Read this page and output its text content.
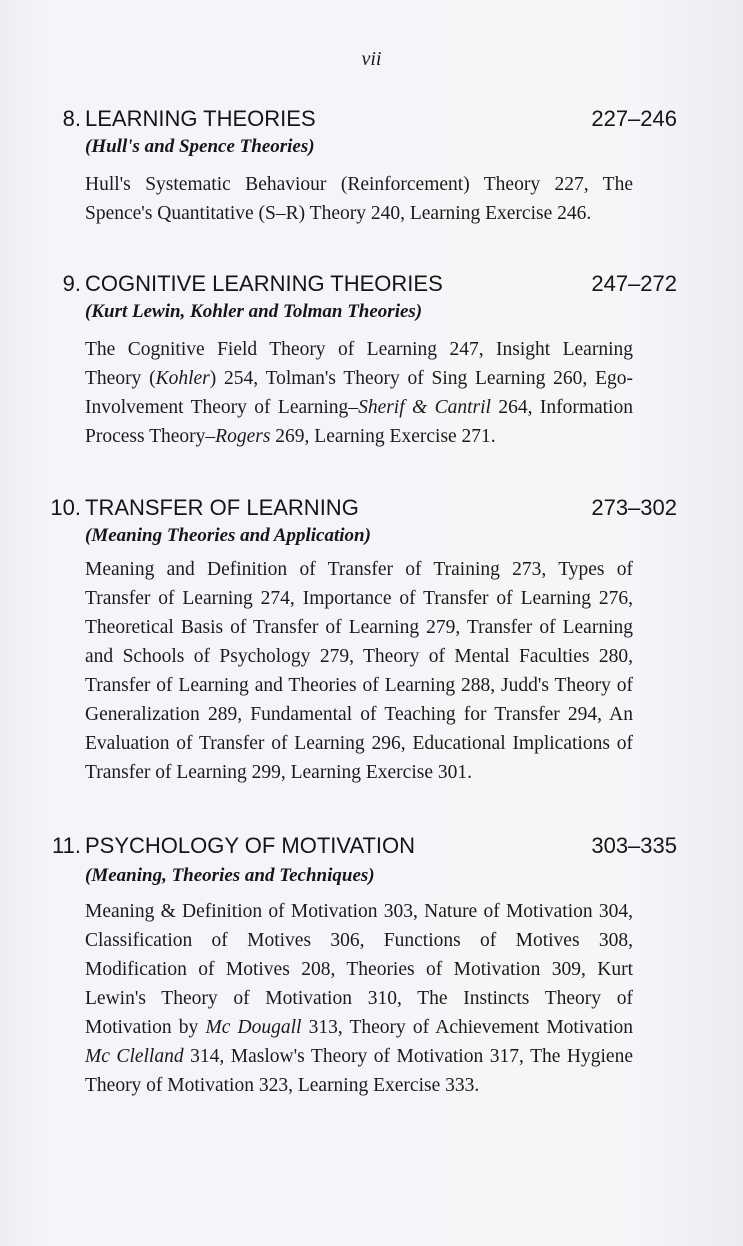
vii
8. LEARNING THEORIES	227–246
(Hull's and Spence Theories)

Hull's Systematic Behaviour (Reinforcement) Theory 227, The Spence's Quantitative (S–R) Theory 240, Learning Exercise 246.

9. COGNITIVE LEARNING THEORIES	247–272
(Kurt Lewin, Kohler and Tolman Theories)

The Cognitive Field Theory of Learning 247, Insight Learning Theory (Kohler) 254, Tolman's Theory of Sing Learning 260, Ego-Involvement Theory of Learning–Sherif & Cantril 264, Information Process Theory–Rogers 269, Learning Exercise 271.

10. TRANSFER OF LEARNING	273–302
(Meaning Theories and Application)

Meaning and Definition of Transfer of Training 273, Types of Transfer of Learning 274, Importance of Transfer of Learning 276, Theoretical Basis of Transfer of Learning 279, Transfer of Learning and Schools of Psychology 279, Theory of Mental Faculties 280, Transfer of Learning and Theories of Learning 288, Judd's Theory of Generalization 289, Fundamental of Teaching for Transfer 294, An Evaluation of Transfer of Learning 296, Educational Implications of Transfer of Learning 299, Learning Exercise 301.

11. PSYCHOLOGY OF MOTIVATION	303–335
(Meaning, Theories and Techniques)

Meaning & Definition of Motivation 303, Nature of Motivation 304, Classification of Motives 306, Functions of Motives 308, Modification of Motives 208, Theories of Motivation 309, Kurt Lewin's Theory of Motivation 310, The Instincts Theory of Motivation by Mc Dougall 313, Theory of Achievement Motivation Mc Clelland 314, Maslow's Theory of Motivation 317, The Hygiene Theory of Motivation 323, Learning Exercise 333.
